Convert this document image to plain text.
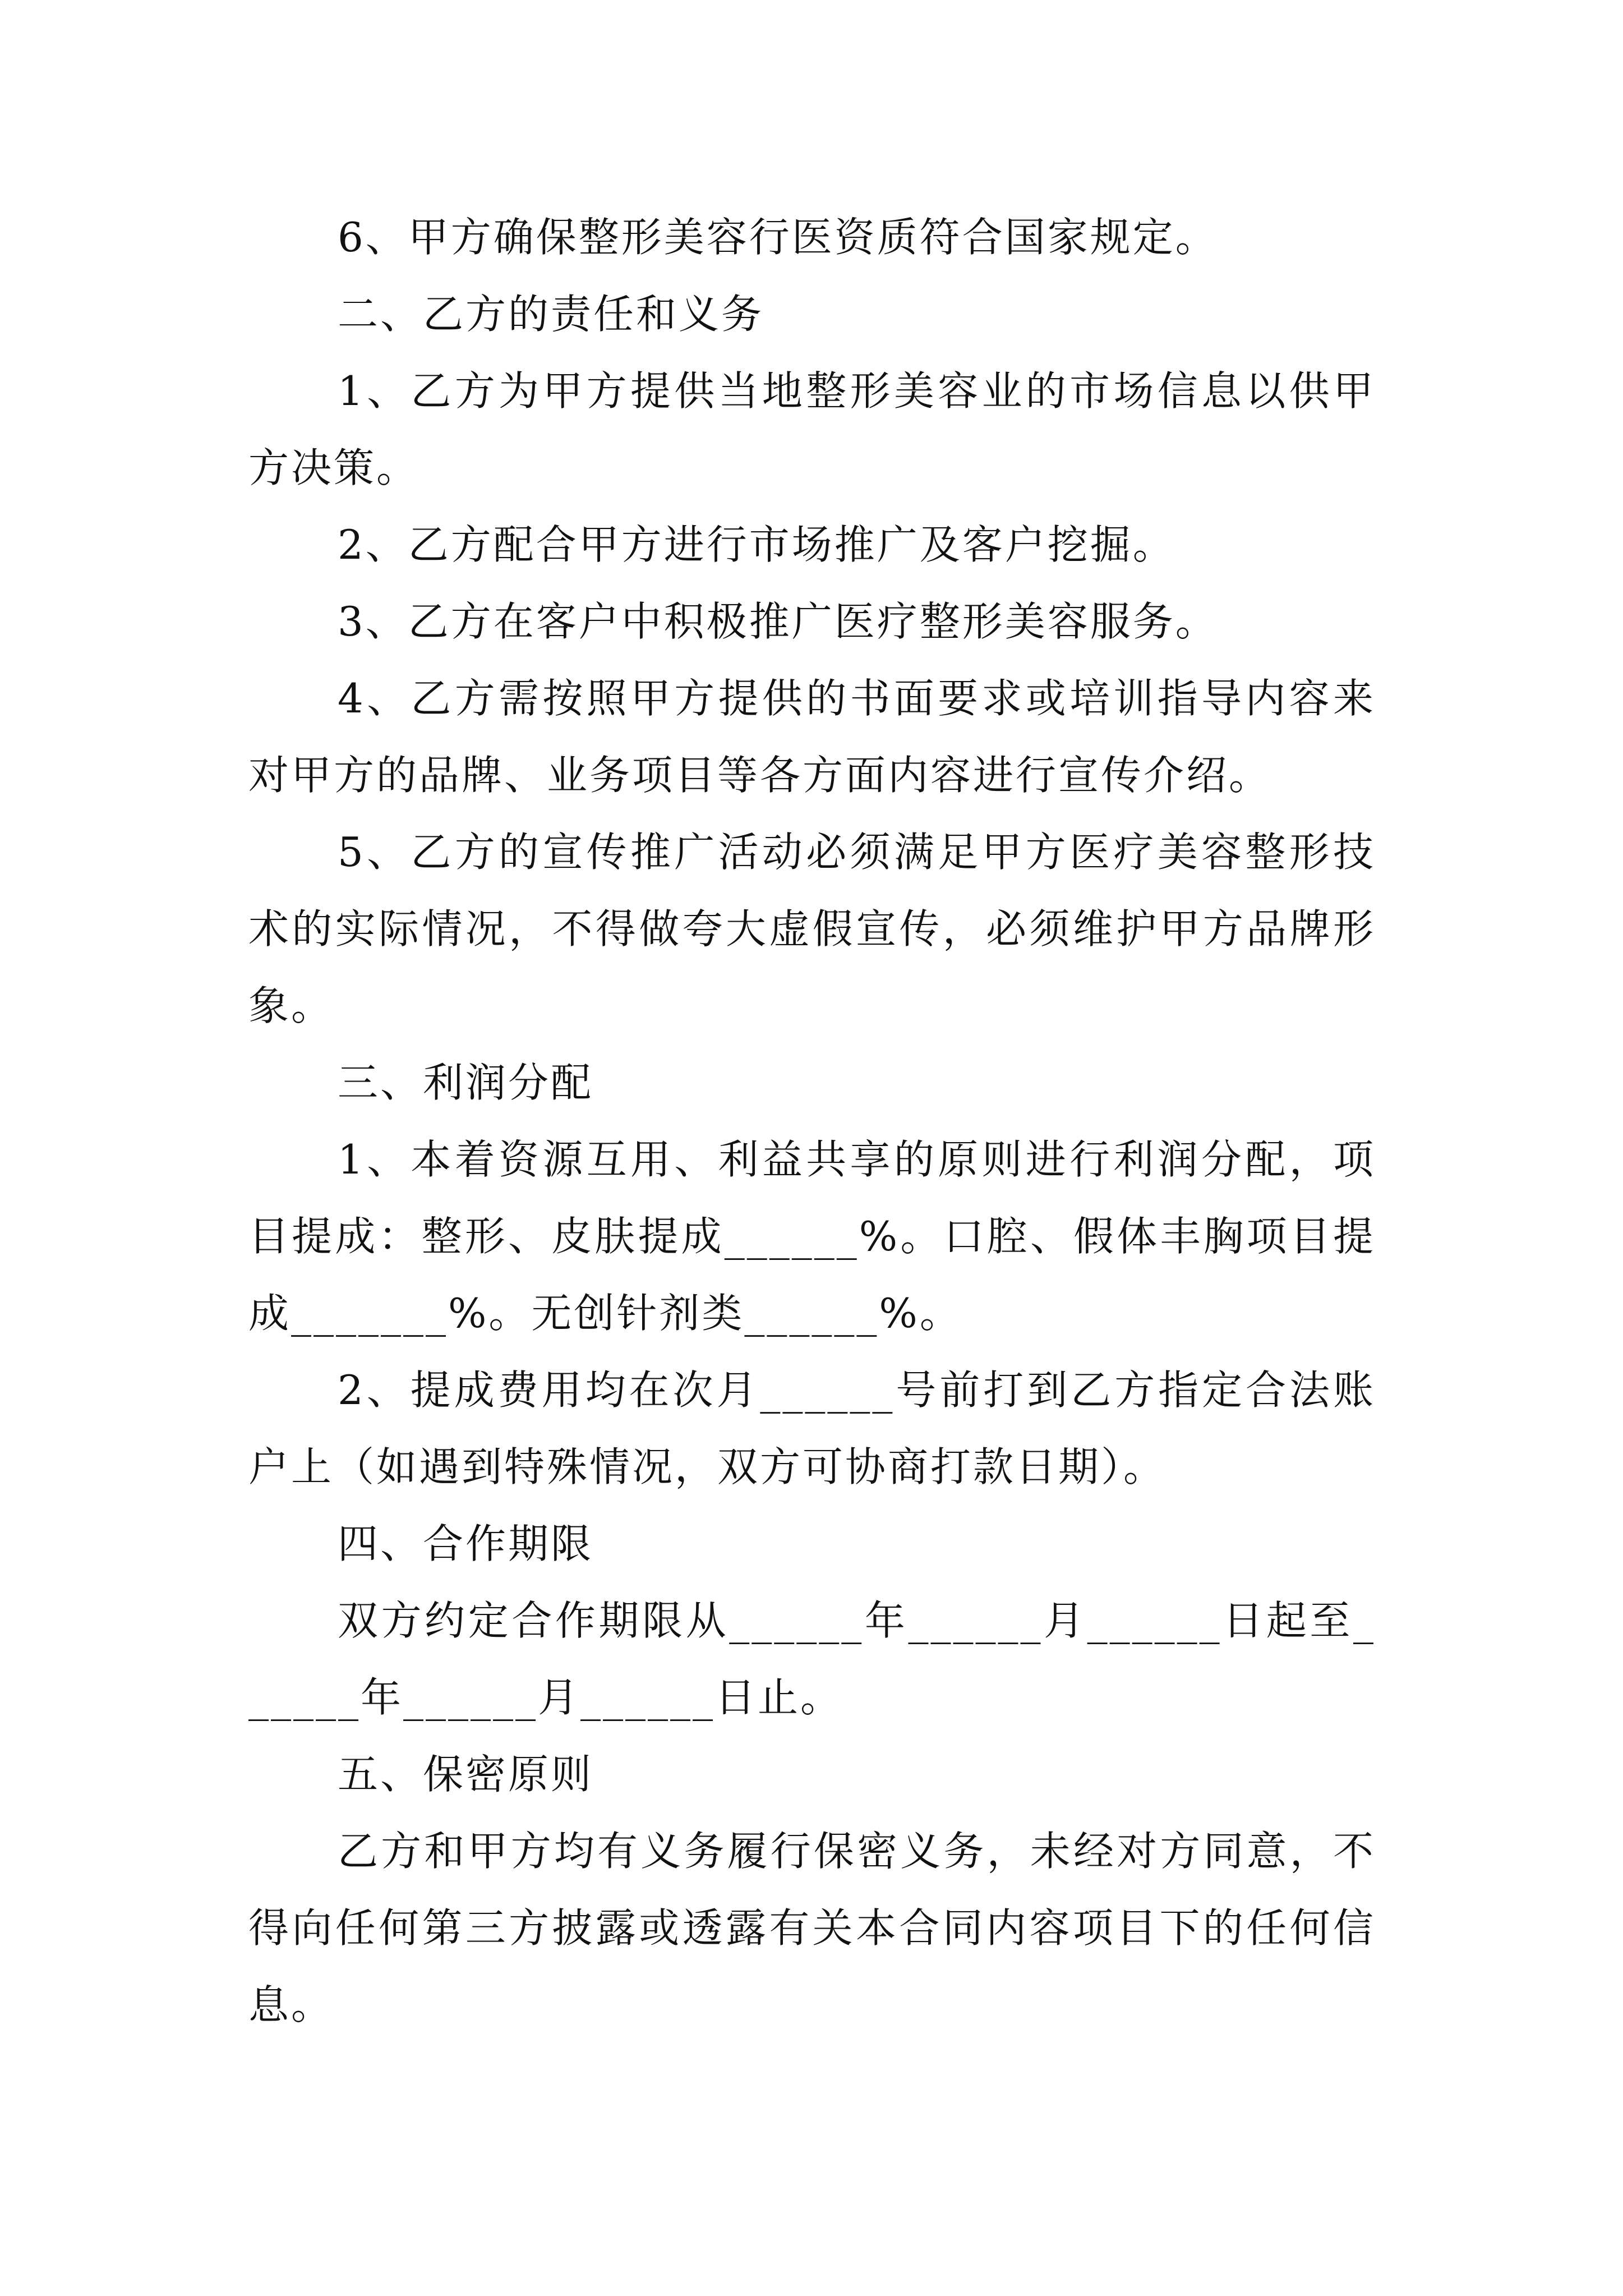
6、甲方确保整形美容行医资质符合国家规定。

二、乙方的责任和义务

1、乙方为甲方提供当地整形美容业的市场信息以供甲方决策。

2、乙方配合甲方进行市场推广及客户挖掘。

3、乙方在客户中积极推广医疗整形美容服务。

4、乙方需按照甲方提供的书面要求或培训指导内容来对甲方的品牌、业务项目等各方面内容进行宣传介绍。

5、乙方的宣传推广活动必须满足甲方医疗美容整形技术的实际情况，不得做夸大虚假宣传，必须维护甲方品牌形象。

三、利润分配

1、本着资源互用、利益共享的原则进行利润分配，项目提成：整形、皮肤提成______%。口腔、假体丰胸项目提成_______%。无创针剂类______%。

2、提成费用均在次月______号前打到乙方指定合法账户上（如遇到特殊情况，双方可协商打款日期）。

四、合作期限

双方约定合作期限从______年______月______日起至______年______月______日止。

五、保密原则

乙方和甲方均有义务履行保密义务，未经对方同意，不得向任何第三方披露或透露有关本合同内容项目下的任何信息。
